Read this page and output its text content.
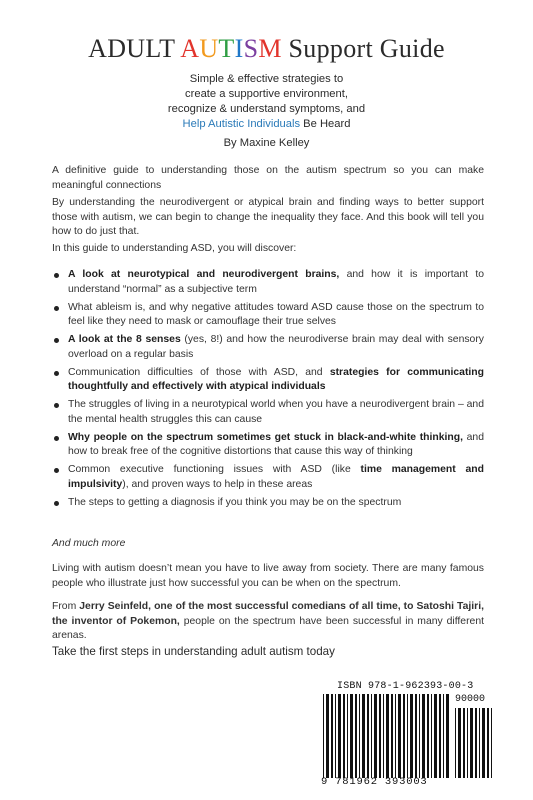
ADULT AUTISM Support Guide
Simple & effective strategies to
create a supportive environment,
recognize & understand symptoms, and
Help Autistic Individuals Be Heard
By Maxine Kelley
A definitive guide to understanding those on the autism spectrum so you can make meaningful connections
By understanding the neurodivergent or atypical brain and finding ways to better support those with autism, we can begin to change the inequality they face. And this book will tell you how to do just that.
In this guide to understanding ASD, you will discover:
A look at neurotypical and neurodivergent brains, and how it is important to understand “normal” as a subjective term
What ableism is, and why negative attitudes toward ASD cause those on the spectrum to feel like they need to mask or camouflage their true selves
A look at the 8 senses (yes, 8!) and how the neurodiverse brain may deal with sensory overload on a regular basis
Communication difficulties of those with ASD, and strategies for communicating thoughtfully and effectively with atypical individuals
The struggles of living in a neurotypical world when you have a neurodivergent brain – and the mental health struggles this can cause
Why people on the spectrum sometimes get stuck in black-and-white thinking, and how to break free of the cognitive distortions that cause this way of thinking
Common executive functioning issues with ASD (like time management and impulsivity), and proven ways to help in these areas
The steps to getting a diagnosis if you think you may be on the spectrum
And much more
Living with autism doesn’t mean you have to live away from society. There are many famous people who illustrate just how successful you can be when on the spectrum.
From Jerry Seinfeld, one of the most successful comedians of all time, to Satoshi Tajiri, the inventor of Pokemon, people on the spectrum have been successful in many different arenas.
Take the first steps in understanding adult autism today
ISBN 978-1-962393-00-3
90000
9 781962 393003
